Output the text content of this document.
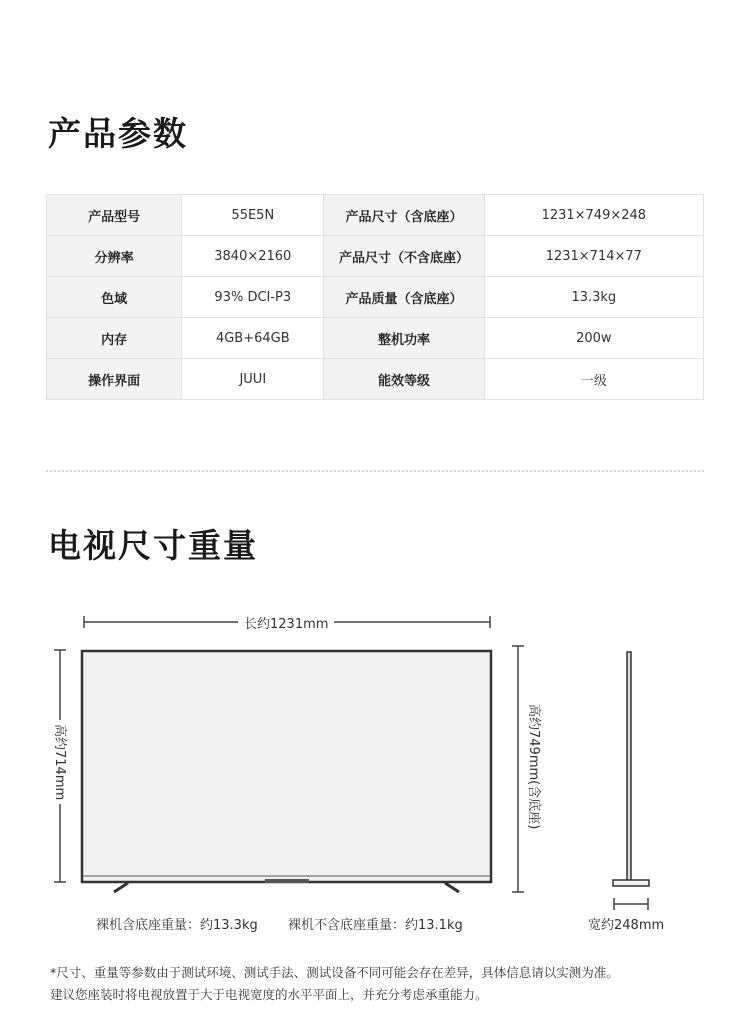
产品参数
产品型号	55E5N	产品尺寸（含底座）	1231×749×248
分辨率	3840×2160	产品尺寸（不含底座）	1231×714×77
色域	93% DCI-P3	产品质量（含底座）	13.3kg
内存	4GB+64GB	整机功率	200w
操作界面	JUUI	能效等级	一级
电视尺寸重量
长约1231mm
高约714mm	高约749mm(含底座)
裸机含底座重量：约13.3kg 裸机不含底座重量：约13.1kg	宽约248mm

*尺寸、重量等参数由于测试环境、测试手法、测试设备不同可能会存在差异，具体信息请以实测为准。

建议您座装时将电视放置于大于电视宽度的水平平面上，并充分考虑承重能力。
